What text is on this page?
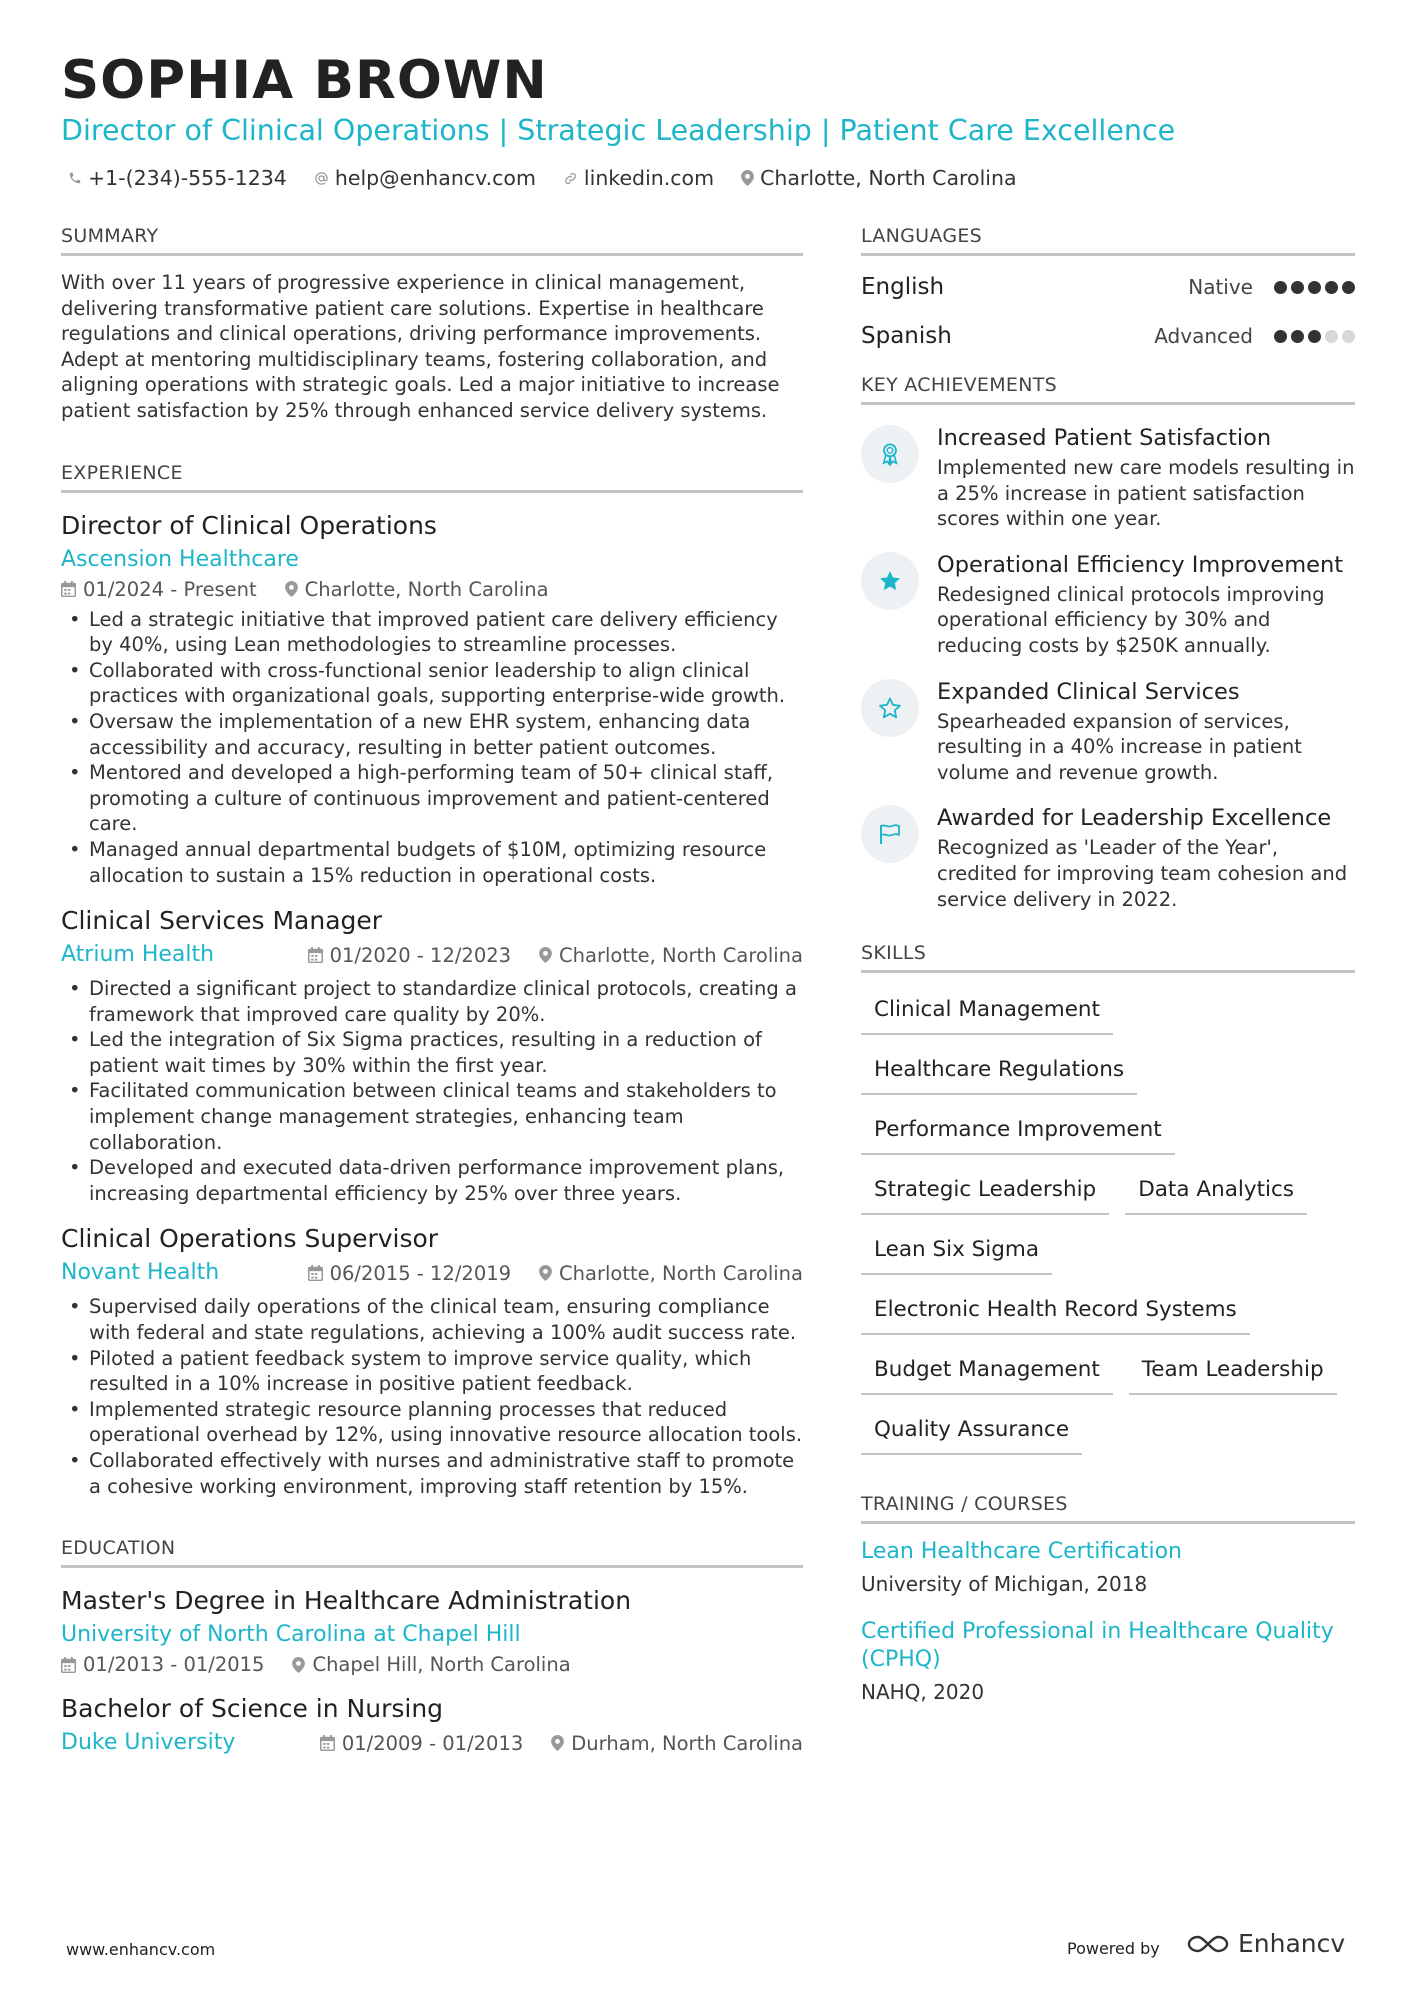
SOPHIA BROWN
Director of Clinical Operations | Strategic Leadership | Patient Care Excellence
+1-(234)-555-1234 help@enhancv.com linkedin.com Charlotte, North Carolina
SUMMARY
With over 11 years of progressive experience in clinical management, delivering transformative patient care solutions. Expertise in healthcare regulations and clinical operations, driving performance improvements. Adept at mentoring multidisciplinary teams, fostering collaboration, and aligning operations with strategic goals. Led a major initiative to increase patient satisfaction by 25% through enhanced service delivery systems.
EXPERIENCE
Director of Clinical Operations
Ascension Healthcare
01/2024 - Present Charlotte, North Carolina
• Led a strategic initiative that improved patient care delivery efficiency by 40%, using Lean methodologies to streamline processes.
• Collaborated with cross-functional senior leadership to align clinical practices with organizational goals, supporting enterprise-wide growth.
• Oversaw the implementation of a new EHR system, enhancing data accessibility and accuracy, resulting in better patient outcomes.
• Mentored and developed a high-performing team of 50+ clinical staff, promoting a culture of continuous improvement and patient-centered care.
• Managed annual departmental budgets of $10M, optimizing resource allocation to sustain a 15% reduction in operational costs.
Clinical Services Manager
Atrium Health	01/2020 - 12/2023 Charlotte, North Carolina
• Directed a significant project to standardize clinical protocols, creating a framework that improved care quality by 20%.
• Led the integration of Six Sigma practices, resulting in a reduction of patient wait times by 30% within the first year.
• Facilitated communication between clinical teams and stakeholders to implement change management strategies, enhancing team collaboration.
• Developed and executed data-driven performance improvement plans, increasing departmental efficiency by 25% over three years.
Clinical Operations Supervisor
Novant Health	06/2015 - 12/2019 Charlotte, North Carolina
• Supervised daily operations of the clinical team, ensuring compliance with federal and state regulations, achieving a 100% audit success rate.
• Piloted a patient feedback system to improve service quality, which resulted in a 10% increase in positive patient feedback.
• Implemented strategic resource planning processes that reduced operational overhead by 12%, using innovative resource allocation tools.
• Collaborated effectively with nurses and administrative staff to promote a cohesive working environment, improving staff retention by 15%.
EDUCATION
Master's Degree in Healthcare Administration
University of North Carolina at Chapel Hill
01/2013 - 01/2015 Chapel Hill, North Carolina
Bachelor of Science in Nursing
Duke University	01/2009 - 01/2013 Durham, North Carolina
LANGUAGES
English	Native
Spanish	Advanced
KEY ACHIEVEMENTS
Increased Patient Satisfaction
Implemented new care models resulting in a 25% increase in patient satisfaction scores within one year.
Operational Efficiency Improvement
Redesigned clinical protocols improving operational efficiency by 30% and reducing costs by $250K annually.
Expanded Clinical Services
Spearheaded expansion of services, resulting in a 40% increase in patient volume and revenue growth.
Awarded for Leadership Excellence
Recognized as 'Leader of the Year', credited for improving team cohesion and service delivery in 2022.
SKILLS
Clinical Management
Healthcare Regulations
Performance Improvement
Strategic Leadership	Data Analytics
Lean Six Sigma
Electronic Health Record Systems
Budget Management	Team Leadership
Quality Assurance
TRAINING / COURSES
Lean Healthcare Certification
University of Michigan, 2018
Certified Professional in Healthcare Quality (CPHQ)
NAHQ, 2020
www.enhancv.com	Powered by	Enhancv
